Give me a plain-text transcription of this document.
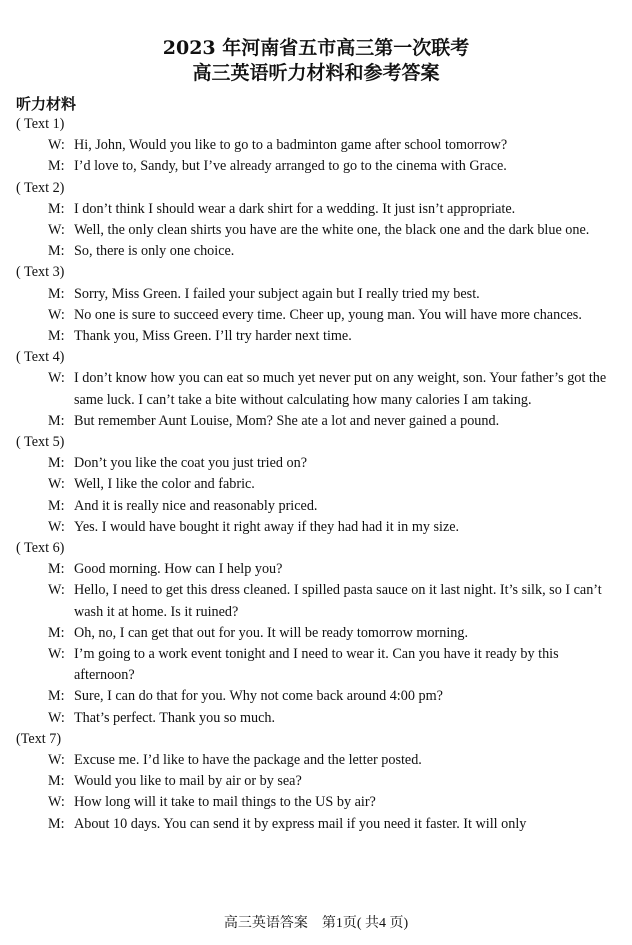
2023 年河南省五市高三第一次联考
高三英语听力材料和参考答案
听力材料
( Text 1)
W: Hi, John, Would you like to go to a badminton game after school tomorrow?
M: I’d love to, Sandy, but I’ve already arranged to go to the cinema with Grace.
( Text 2)
M: I don’t think I should wear a dark shirt for a wedding. It just isn’t appropriate.
W: Well, the only clean shirts you have are the white one, the black one and the dark blue one.
M: So, there is only one choice.
( Text 3)
M: Sorry, Miss Green. I failed your subject again but I really tried my best.
W: No one is sure to succeed every time. Cheer up, young man. You will have more chances.
M: Thank you, Miss Green. I’ll try harder next time.
( Text 4)
W: I don’t know how you can eat so much yet never put on any weight, son. Your father’s got the same luck. I can’t take a bite without calculating how many calories I am taking.
M: But remember Aunt Louise, Mom? She ate a lot and never gained a pound.
( Text 5)
M: Don’t you like the coat you just tried on?
W: Well, I like the color and fabric.
M: And it is really nice and reasonably priced.
W: Yes. I would have bought it right away if they had had it in my size.
( Text 6)
M: Good morning. How can I help you?
W: Hello, I need to get this dress cleaned. I spilled pasta sauce on it last night. It’s silk, so I can’t wash it at home. Is it ruined?
M: Oh, no, I can get that out for you. It will be ready tomorrow morning.
W: I’m going to a work event tonight and I need to wear it. Can you have it ready by this afternoon?
M: Sure, I can do that for you. Why not come back around 4:00 pm?
W: That’s perfect. Thank you so much.
(Text 7)
W: Excuse me. I’d like to have the package and the letter posted.
M: Would you like to mail by air or by sea?
W: How long will it take to mail things to the US by air?
M: About 10 days. You can send it by express mail if you need it faster. It will only
高三英语答案　第1页( 共4 页)
